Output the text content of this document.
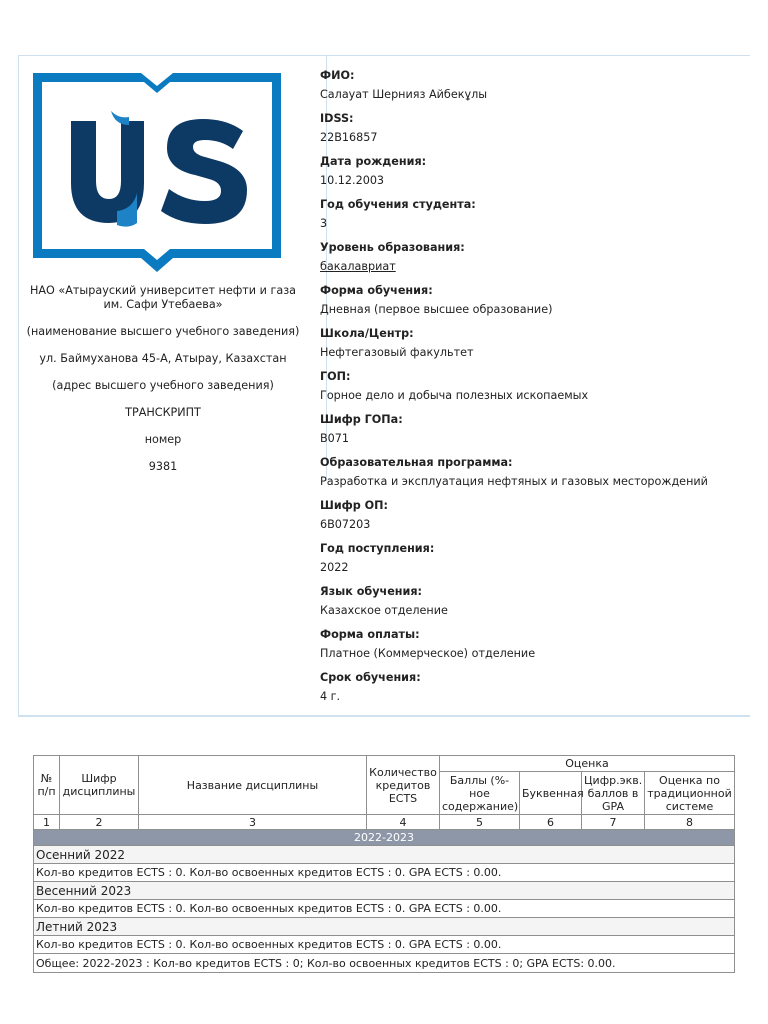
НАО «Атырауский университет нефти и газа им. Сафи Утебаева»

(наименование высшего учебного заведения)

ул. Баймуханова 45-А, Атырау, Казахстан

(адрес высшего учебного заведения)

ТРАНСКРИПТ

номер

9381

ФИО:
Салауат Шернияз Айбекұлы
IDSS:
22B16857
Дата рождения:
10.12.2003
Год обучения студента:
3
Уровень образования:
бакалавриат
Форма обучения:
Дневная (первое высшее образование)
Школа/Центр:
Нефтегазовый факультет
ГОП:
Горное дело и добыча полезных ископаемых
Шифр ГОПа:
В071
Образовательная программа:
Разработка и эксплуатация нефтяных и газовых месторождений
Шифр ОП:
6В07203
Год поступления:
2022
Язык обучения:
Казахское отделение
Форма оплаты:
Платное (Коммерческое) отделение
Срок обучения:
4 г.
№ п/п	Шифр дисциплины	Название дисциплины	Количество кредитов ECTS	Оценка			
				Баллы (%-ное содержание)	Буквенная	Цифр.экв. баллов в GPA	Оценка по традиционной системе
1	2	3	4	5	6	7	8
2022-2023							
Осенний 2022							
Кол-во кредитов ECTS : 0. Кол-во освоенных кредитов ECTS : 0. GPA ECTS : 0.00.							
Весенний 2023							
Кол-во кредитов ECTS : 0. Кол-во освоенных кредитов ECTS : 0. GPA ECTS : 0.00.							
Летний 2023							
Кол-во кредитов ECTS : 0. Кол-во освоенных кредитов ECTS : 0. GPA ECTS : 0.00.							
Общее: 2022-2023 : Кол-во кредитов ECTS : 0; Кол-во освоенных кредитов ECTS : 0; GPA ECTS: 0.00.							
